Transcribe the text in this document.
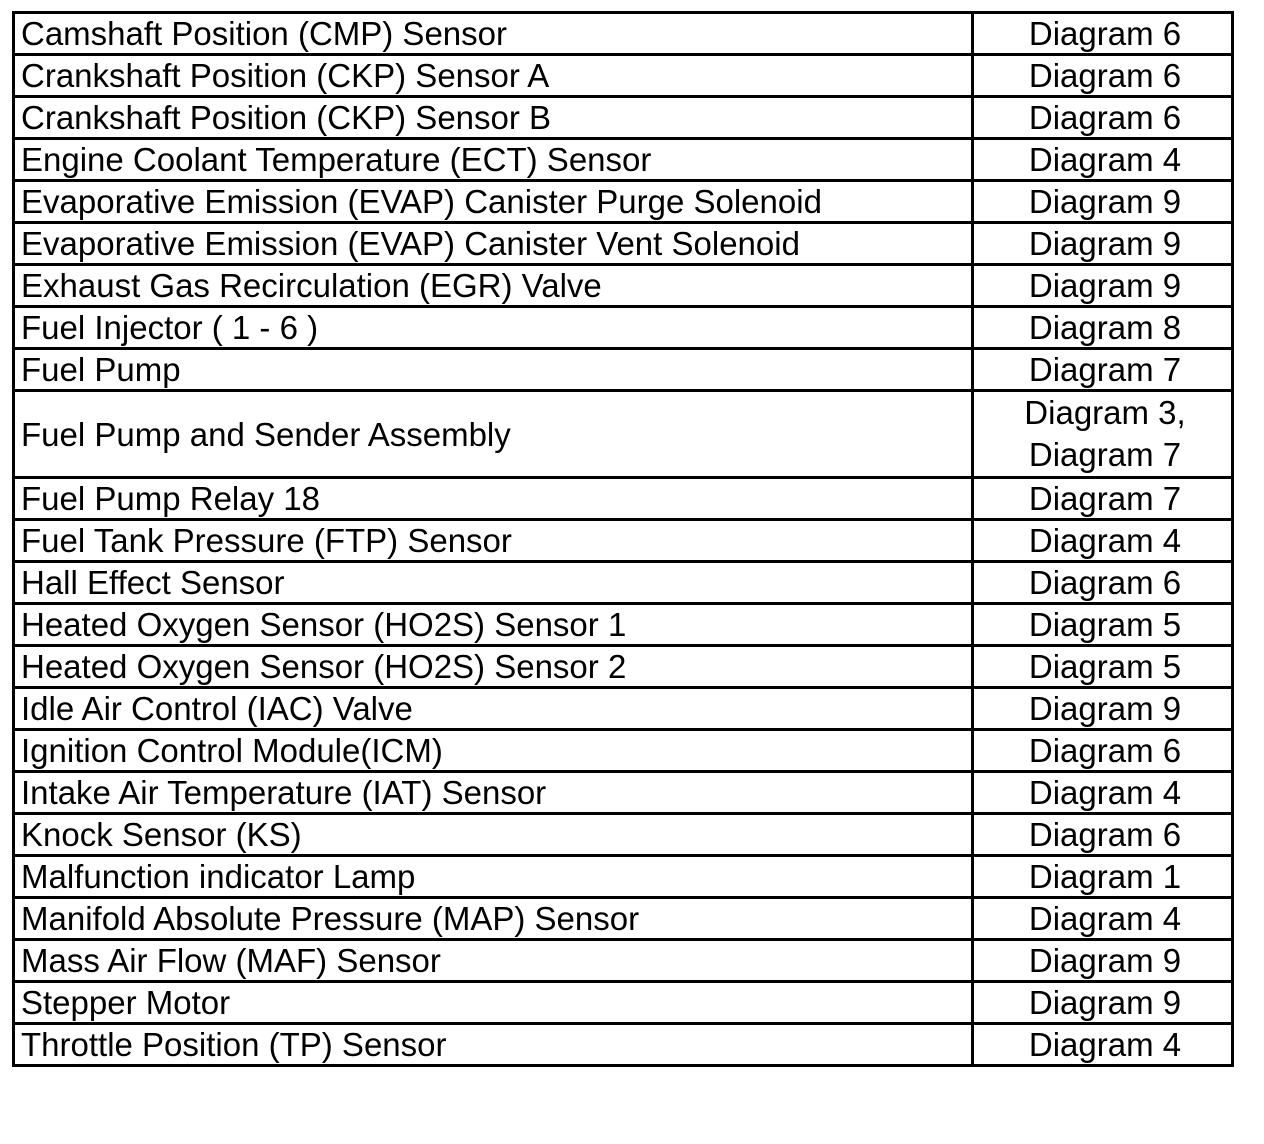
Camshaft Position (CMP) Sensor	Diagram 6

Crankshaft Position (CKP) Sensor A	Diagram 6

Crankshaft Position (CKP) Sensor B	Diagram 6

Engine Coolant Temperature (ECT) Sensor	Diagram 4

Evaporative Emission (EVAP) Canister Purge Solenoid	Diagram 9

Evaporative Emission (EVAP) Canister Vent Solenoid	Diagram 9

Exhaust Gas Recirculation (EGR) Valve	Diagram 9

Fuel Injector ( 1 - 6 )	Diagram 8

Fuel Pump	Diagram 7

Fuel Pump and Sender Assembly	Diagram 3,
Diagram 7

Fuel Pump Relay 18	Diagram 7

Fuel Tank Pressure (FTP) Sensor	Diagram 4

Hall Effect Sensor	Diagram 6

Heated Oxygen Sensor (HO2S) Sensor 1	Diagram 5

Heated Oxygen Sensor (HO2S) Sensor 2	Diagram 5

Idle Air Control (IAC) Valve	Diagram 9

Ignition Control Module(ICM)	Diagram 6

Intake Air Temperature (IAT) Sensor	Diagram 4

Knock Sensor (KS)	Diagram 6

Malfunction indicator Lamp	Diagram 1

Manifold Absolute Pressure (MAP) Sensor	Diagram 4

Mass Air Flow (MAF) Sensor	Diagram 9

Stepper Motor	Diagram 9

Throttle Position (TP) Sensor	Diagram 4
